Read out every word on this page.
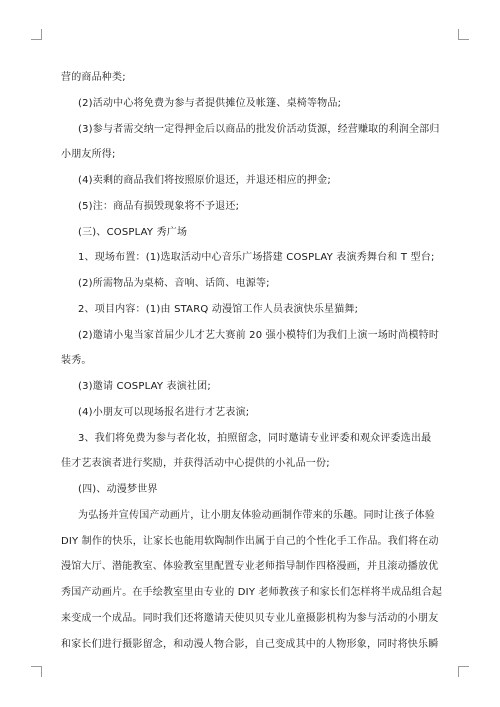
营的商品种类;
(2)活动中心将免费为参与者提供摊位及帐篷、桌椅等物品;
(3)参与者需交纳一定得押金后以商品的批发价活动货源，经营赚取的利润全部归
小朋友所得;
(4)卖剩的商品我们将按照原价退还，并退还相应的押金;
(5)注：商品有损毁现象将不予退还;
(三)、COSPLAY 秀广场
1、现场布置：(1)选取活动中心音乐广场搭建 COSPLAY 表演秀舞台和 T 型台;
(2)所需物品为桌椅、音响、话筒、电源等;
2、项目内容：(1)由 STARQ 动漫馆工作人员表演快乐星猫舞;
(2)邀请小鬼当家首届少儿才艺大赛前 20 强小模特们为我们上演一场时尚模特时
装秀。
(3)邀请 COSPLAY 表演社团;
(4)小朋友可以现场报名进行才艺表演;
3、我们将免费为参与者化妆，拍照留念，同时邀请专业评委和观众评委选出最
佳才艺表演者进行奖励，并获得活动中心提供的小礼品一份;
(四)、动漫梦世界
为弘扬并宣传国产动画片，让小朋友体验动画制作带来的乐趣。同时让孩子体验
DIY 制作的快乐，让家长也能用软陶制作出属于自己的个性化手工作品。我们将在动
漫馆大厅、潜能教室、体验教室里配置专业老师指导制作四格漫画，并且滚动播放优
秀国产动画片。在手绘教室里由专业的 DIY 老师教孩子和家长们怎样将半成品组合起
来变成一个成品。同时我们还将邀请天使贝贝专业儿童摄影机构为参与活动的小朋友
和家长们进行摄影留念，和动漫人物合影，自己变成其中的人物形象，同时将快乐瞬
